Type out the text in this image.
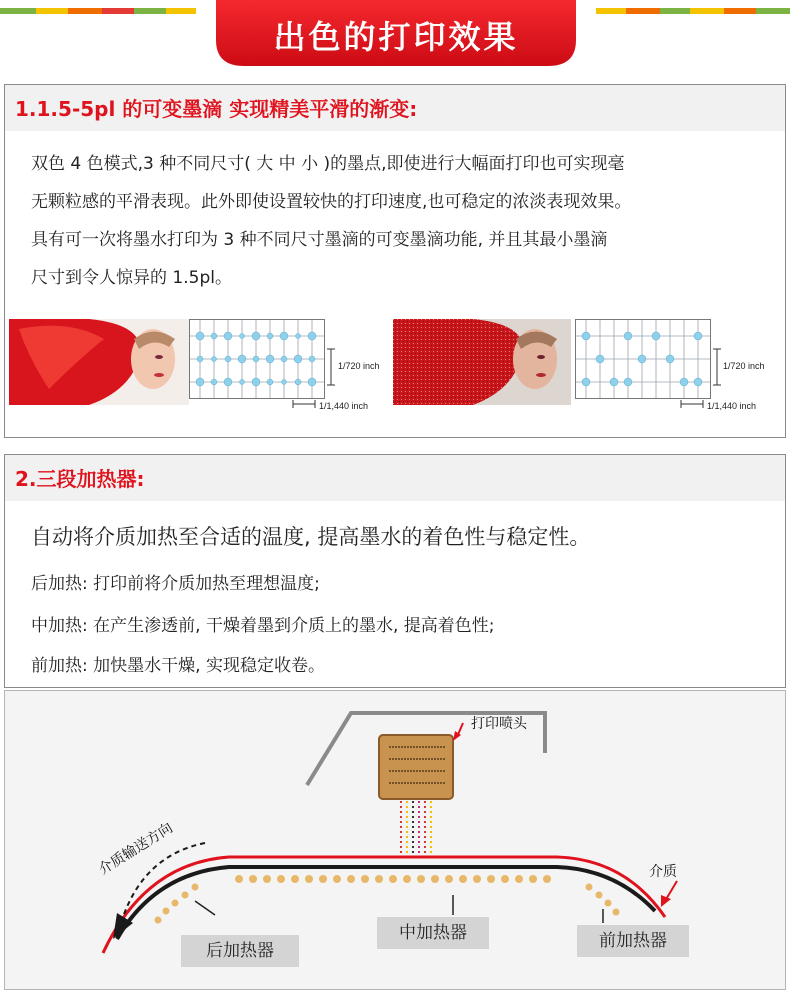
出色的打印效果
1.1.5-5pl 的可变墨滴 实现精美平滑的渐变:
双色 4 色模式,3 种不同尺寸( 大 中 小 )的墨点,即使进行大幅面打印也可实现毫
无颗粒感的平滑表现。此外即使设置较快的打印速度,也可稳定的浓淡表现效果。
具有可一次将墨水打印为 3 种不同尺寸墨滴的可变墨滴功能, 并且其最小墨滴
尺寸到令人惊异的 1.5pl。
1/720 inch
1/1,440 inch
1/720 inch
1/1,440 inch
2.三段加热器:
自动将介质加热至合适的温度, 提高墨水的着色性与稳定性。
后加热: 打印前将介质加热至理想温度;
中加热: 在产生渗透前, 干燥着墨到介质上的墨水, 提高着色性;
前加热: 加快墨水干燥, 实现稳定收卷。
打印喷头
介质输送方向	介质
后加热器
中加热器	前加热器
